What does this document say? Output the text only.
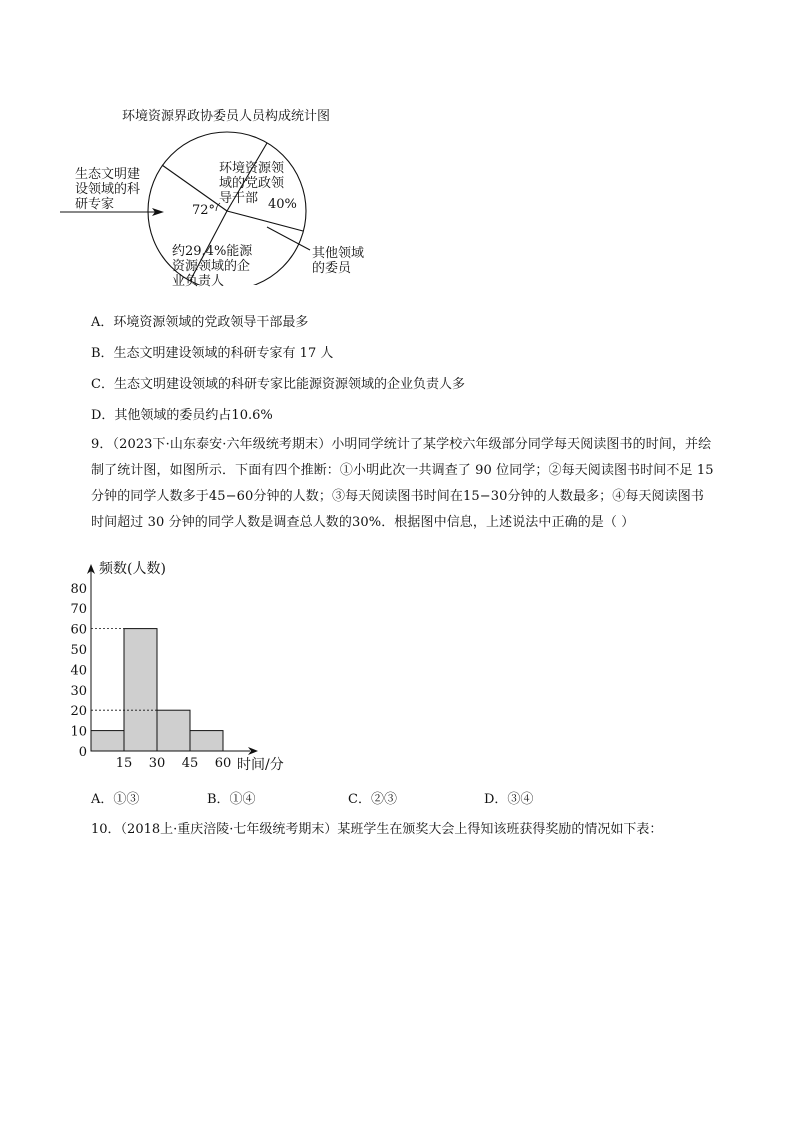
环境资源界政协委员人员构成统计图
生态文明建
设领域的科
研专家	72°
环境资源领
域的党政领
导干部 40%
约29.4%能源
资源领域的企
业负责人
其他领域
的委员
A．环境资源领域的党政领导干部最多
B．生态文明建设领域的科研专家有 17 人
C．生态文明建设领域的科研专家比能源资源领域的企业负责人多
D．其他领域的委员约占10.6%
9．（2023下·山东泰安·六年级统考期末）小明同学统计了某学校六年级部分同学每天阅读图书的时间，并绘
制了统计图，如图所示．下面有四个推断：①小明此次一共调查了 90 位同学；②每天阅读图书时间不足 15
分钟的同学人数多于45−60分钟的人数；③每天阅读图书时间在15−30分钟的人数最多；④每天阅读图书
时间超过 30 分钟的同学人数是调查总人数的30%．根据图中信息，上述说法中正确的是（ ）
80
70
60
50
40
30
20
10
0
15 30 45 60
频数(人数)
时间/分
A．①③	B．①④	C．②③	D．③④
10．（2018上·重庆涪陵·七年级统考期末）某班学生在颁奖大会上得知该班获得奖励的情况如下表：
